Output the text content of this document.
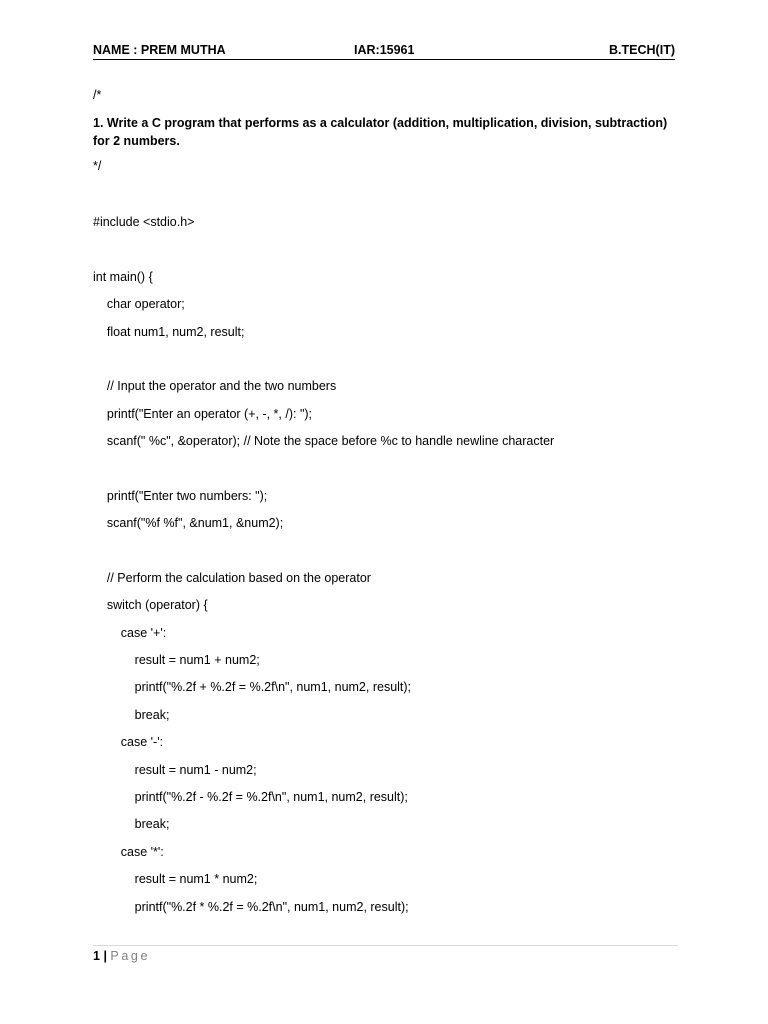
NAME : PREM MUTHA	IAR:15961	B.TECH(IT)
/*
1. Write a C program that performs as a calculator (addition, multiplication, division, subtraction)
for 2 numbers.
*/
#include <stdio.h>
int main() {
char operator;
float num1, num2, result;
// Input the operator and the two numbers
printf("Enter an operator (+, -, *, /): ");
scanf(" %c", &operator); // Note the space before %c to handle newline character
printf("Enter two numbers: ");
scanf("%f %f", &num1, &num2);
// Perform the calculation based on the operator
switch (operator) {
case '+':
result = num1 + num2;
printf("%.2f + %.2f = %.2f\n", num1, num2, result);
break;
case '-':
result = num1 - num2;
printf("%.2f - %.2f = %.2f\n", num1, num2, result);
break;
case '*':
result = num1 * num2;
printf("%.2f * %.2f = %.2f\n", num1, num2, result);
1 | Page
